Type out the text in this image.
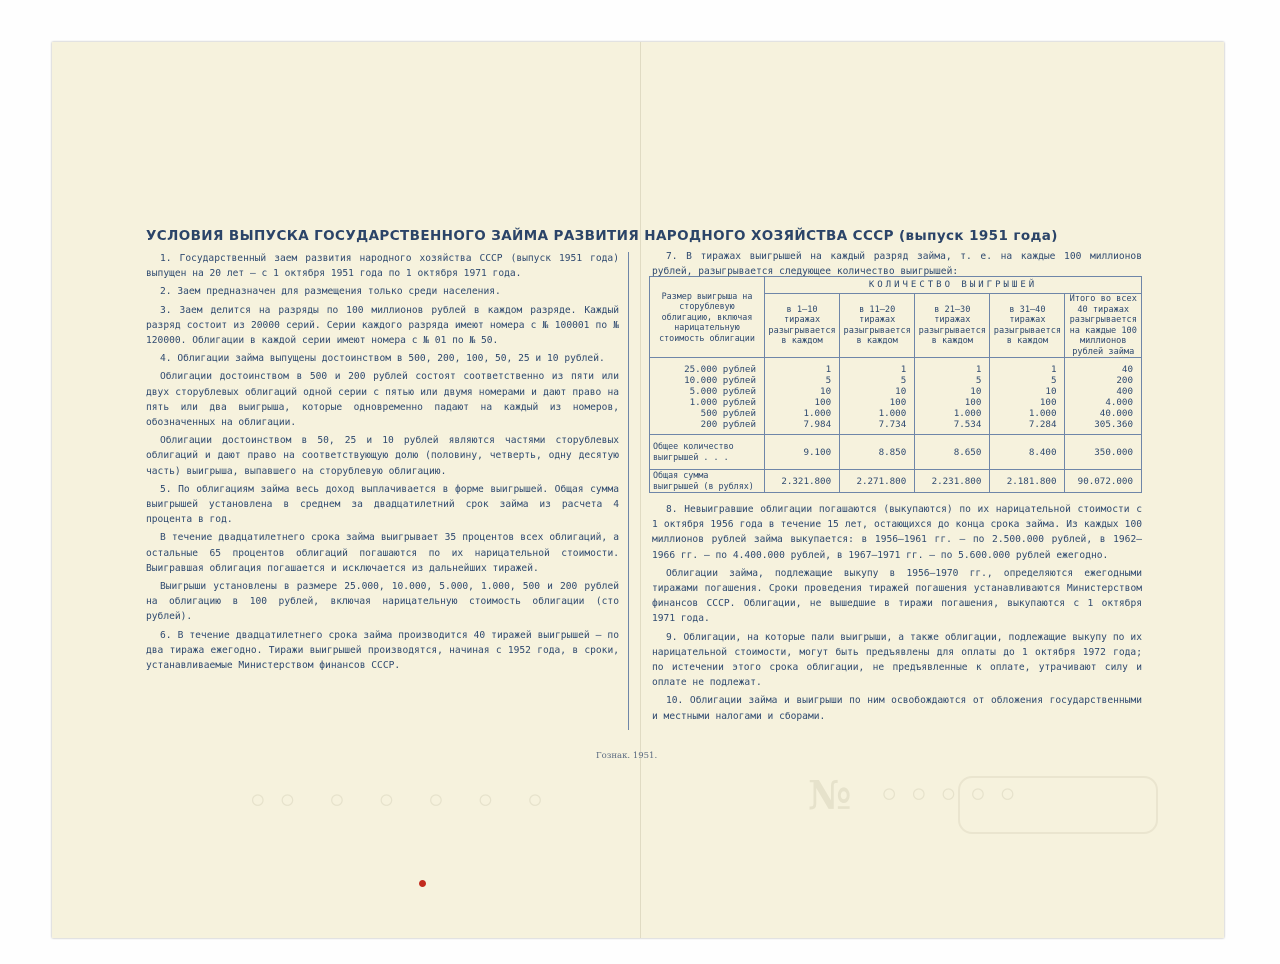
УСЛОВИЯ ВЫПУСКА ГОСУДАРСТВЕННОГО ЗАЙМА РАЗВИТИЯ НАРОДНОГО ХОЗЯЙСТВА СССР (выпуск 1951 года)

1. Государственный заем развития народного хозяйства СССР (выпуск 1951 года) выпущен на 20 лет — с 1 октября 1951 года по 1 октября 1971 года.

2. Заем предназначен для размещения только среди населения.

3. Заем делится на разряды по 100 миллионов рублей в каждом разряде. Каждый разряд состоит из 20000 серий. Серии каждого разряда имеют номера с № 100001 по № 120000. Облигации в каждой серии имеют номера с № 01 по № 50.

4. Облигации займа выпущены достоинством в 500, 200, 100, 50, 25 и 10 рублей.

Облигации достоинством в 500 и 200 рублей состоят соответственно из пяти или двух сторублевых облигаций одной серии с пятью или двумя номерами и дают право на пять или два выигрыша, которые одновременно падают на каждый из номеров, обозначенных на облигации.

Облигации достоинством в 50, 25 и 10 рублей являются частями сторублевых облигаций и дают право на соответствующую долю (половину, четверть, одну десятую часть) выигрыша, выпавшего на сторублевую облигацию.

5. По облигациям займа весь доход выплачивается в форме выигрышей. Общая сумма выигрышей установлена в среднем за двадцатилетний срок займа из расчета 4 процента в год.

В течение двадцатилетнего срока займа выигрывает 35 процентов всех облигаций, а остальные 65 процентов облигаций погашаются по их нарицательной стоимости. Выигравшая облигация погашается и исключается из дальнейших тиражей.

Выигрыши установлены в размере 25.000, 10.000, 5.000, 1.000, 500 и 200 рублей на облигацию в 100 рублей, включая нарицательную стоимость облигации (сто рублей).

6. В течение двадцатилетнего срока займа производится 40 тиражей выигрышей — по два тиража ежегодно. Тиражи выигрышей производятся, начиная с 1952 года, в сроки, устанавливаемые Министерством финансов СССР.

7. В тиражах выигрышей на каждый разряд займа, т. е. на каждые 100 миллионов рублей, разыгрывается следующее количество выигрышей:

Размер выигрыша на сторублевую облигацию, включая нарицательную стоимость облигации	КОЛИЧЕСТВО ВЫИГРЫШЕЙ				
	в 1—10 тиражах разыгрывается в каждом	в 11—20 тиражах разыгрывается в каждом	в 21—30 тиражах разыгрывается в каждом	в 31—40 тиражах разыгрывается в каждом	Итого во всех 40 тиражах разыгрывается на каждые 100 миллионов рублей займа
25.000 рублей	1	1	1	1	40
10.000 рублей	5	5	5	5	200
5.000 рублей	10	10	10	10	400
1.000 рублей	100	100	100	100	4.000
500 рублей	1.000	1.000	1.000	1.000	40.000
200 рублей	7.984	7.734	7.534	7.284	305.360
Общее количество выигрышей . . .	9.100	8.850	8.650	8.400	350.000
Общая сумма выигрышей (в рублях)	2.321.800	2.271.800	2.231.800	2.181.800	90.072.000

8. Невыигравшие облигации погашаются (выкупаются) по их нарицательной стоимости с 1 октября 1956 года в течение 15 лет, остающихся до конца срока займа. Из каждых 100 миллионов рублей займа выкупается: в 1956—1961 гг. — по 2.500.000 рублей, в 1962—1966 гг. — по 4.400.000 рублей, в 1967—1971 гг. — по 5.600.000 рублей ежегодно.

Облигации займа, подлежащие выкупу в 1956—1970 гг., определяются ежегодными тиражами погашения. Сроки проведения тиражей погашения устанавливаются Министерством финансов СССР. Облигации, не вышедшие в тиражи погашения, выкупаются с 1 октября 1971 года.

9. Облигации, на которые пали выигрыши, а также облигации, подлежащие выкупу по их нарицательной стоимости, могут быть предъявлены для оплаты до 1 октября 1972 года; по истечении этого срока облигации, не предъявленные к оплате, утрачивают силу и оплате не подлежат.

10. Облигации займа и выигрыши по ним освобождаются от обложения государственными и местными налогами и сборами.

Гознак. 1951.
◦◦ ◦ ◦ ◦ ◦ ◦	№ ◦◦◦◦◦
